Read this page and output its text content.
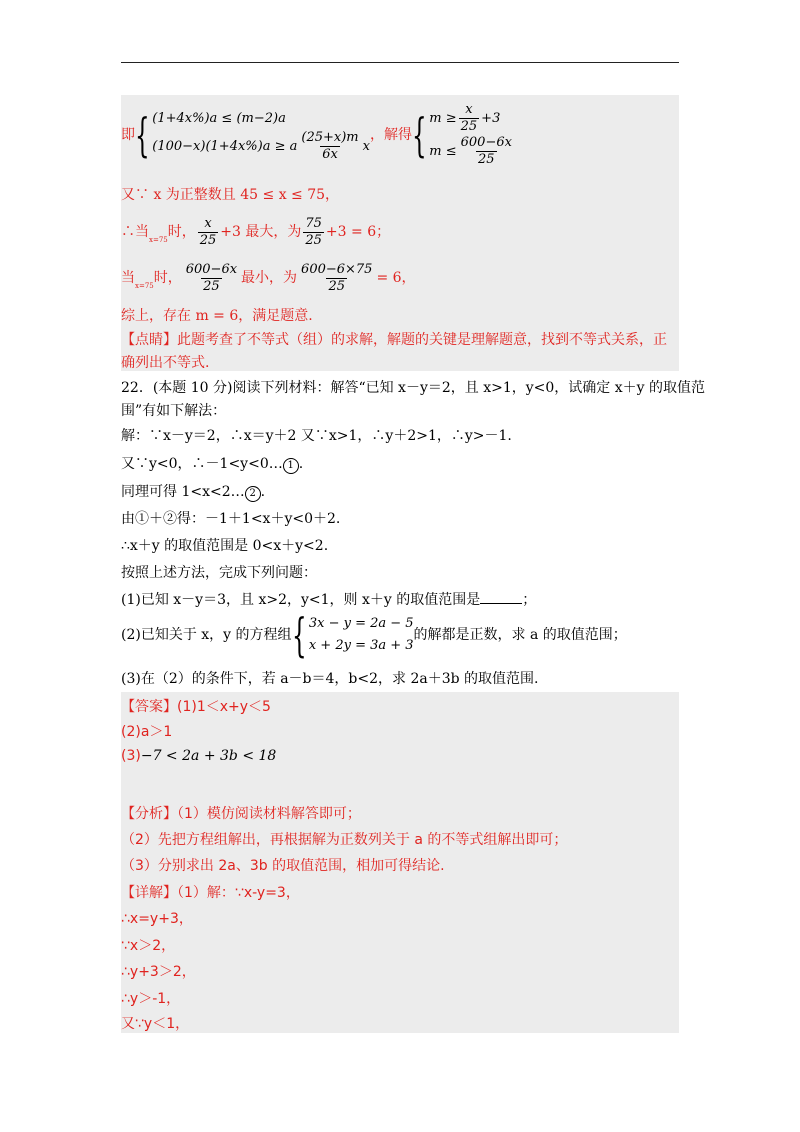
即{ (1+4x%)a ≤ (m−2)a
(100−x)(1+4x%)a ≥ a $\frac{(25+x)m}{6x}$ x
，解得{ $m \ge \frac{x}{25} +3$
$m \le \frac{600-6x}{25}$
又∵ x 为正整数且 45 ≤ x ≤ 75，
∴当$_{x=75}$时， $\frac{x}{25} +3$ 最大，为 $\frac{75}{25} +3 = 6$；
当$_{x=75}$时， $\frac{600-6x}{25}$ 最小，为 $\frac{600-6\times 75}{25} = 6$，
综上，存在 m = 6，满足题意.
【点睛】此题考查了不等式（组）的求解，解题的关键是理解题意，找到不等式关系，正
确列出不等式.
22．(本题 10 分)阅读下列材料：解答“已知 x－y＝2，且 x>1，y<0，试确定 x＋y 的取值范
围”有如下解法：
解：∵x－y＝2，∴x＝y＋2 又∵x>1，∴y＋2>1，∴y>－1.
又∵y<0，∴－1<y<0… 1 .
同理可得 1<x<2… 2 .
由①＋②得：－1＋1<x＋y<0＋2.
∴x＋y 的取值范围是 0<x＋y<2.
按照上述方法，完成下列问题：
(1)已知 x－y＝3，且 x>2，y<1，则 x＋y 的取值范围是	；
(2)已知关于 x，y 的方程组{ 3x − y = 2a − 5
x + 2y = 3a + 3
的解都是正数，求 a 的取值范围；
(3)在（2）的条件下，若 a－b＝4，b<2，求 2a＋3b 的取值范围.
【答案】(1)1＜x+y＜5
(2)a＞1
(3)−7 < 2a + 3b < 18
【分析】（1）模仿阅读材料解答即可；
（2）先把方程组解出，再根据解为正数列关于 a 的不等式组解出即可；
（3）分别求出 2a、3b 的取值范围，相加可得结论.
【详解】（1）解：∵x-y=3，
∴x=y+3，
∵x＞2，
∴y+3＞2，
∴y＞-1，
又∵y＜1，
